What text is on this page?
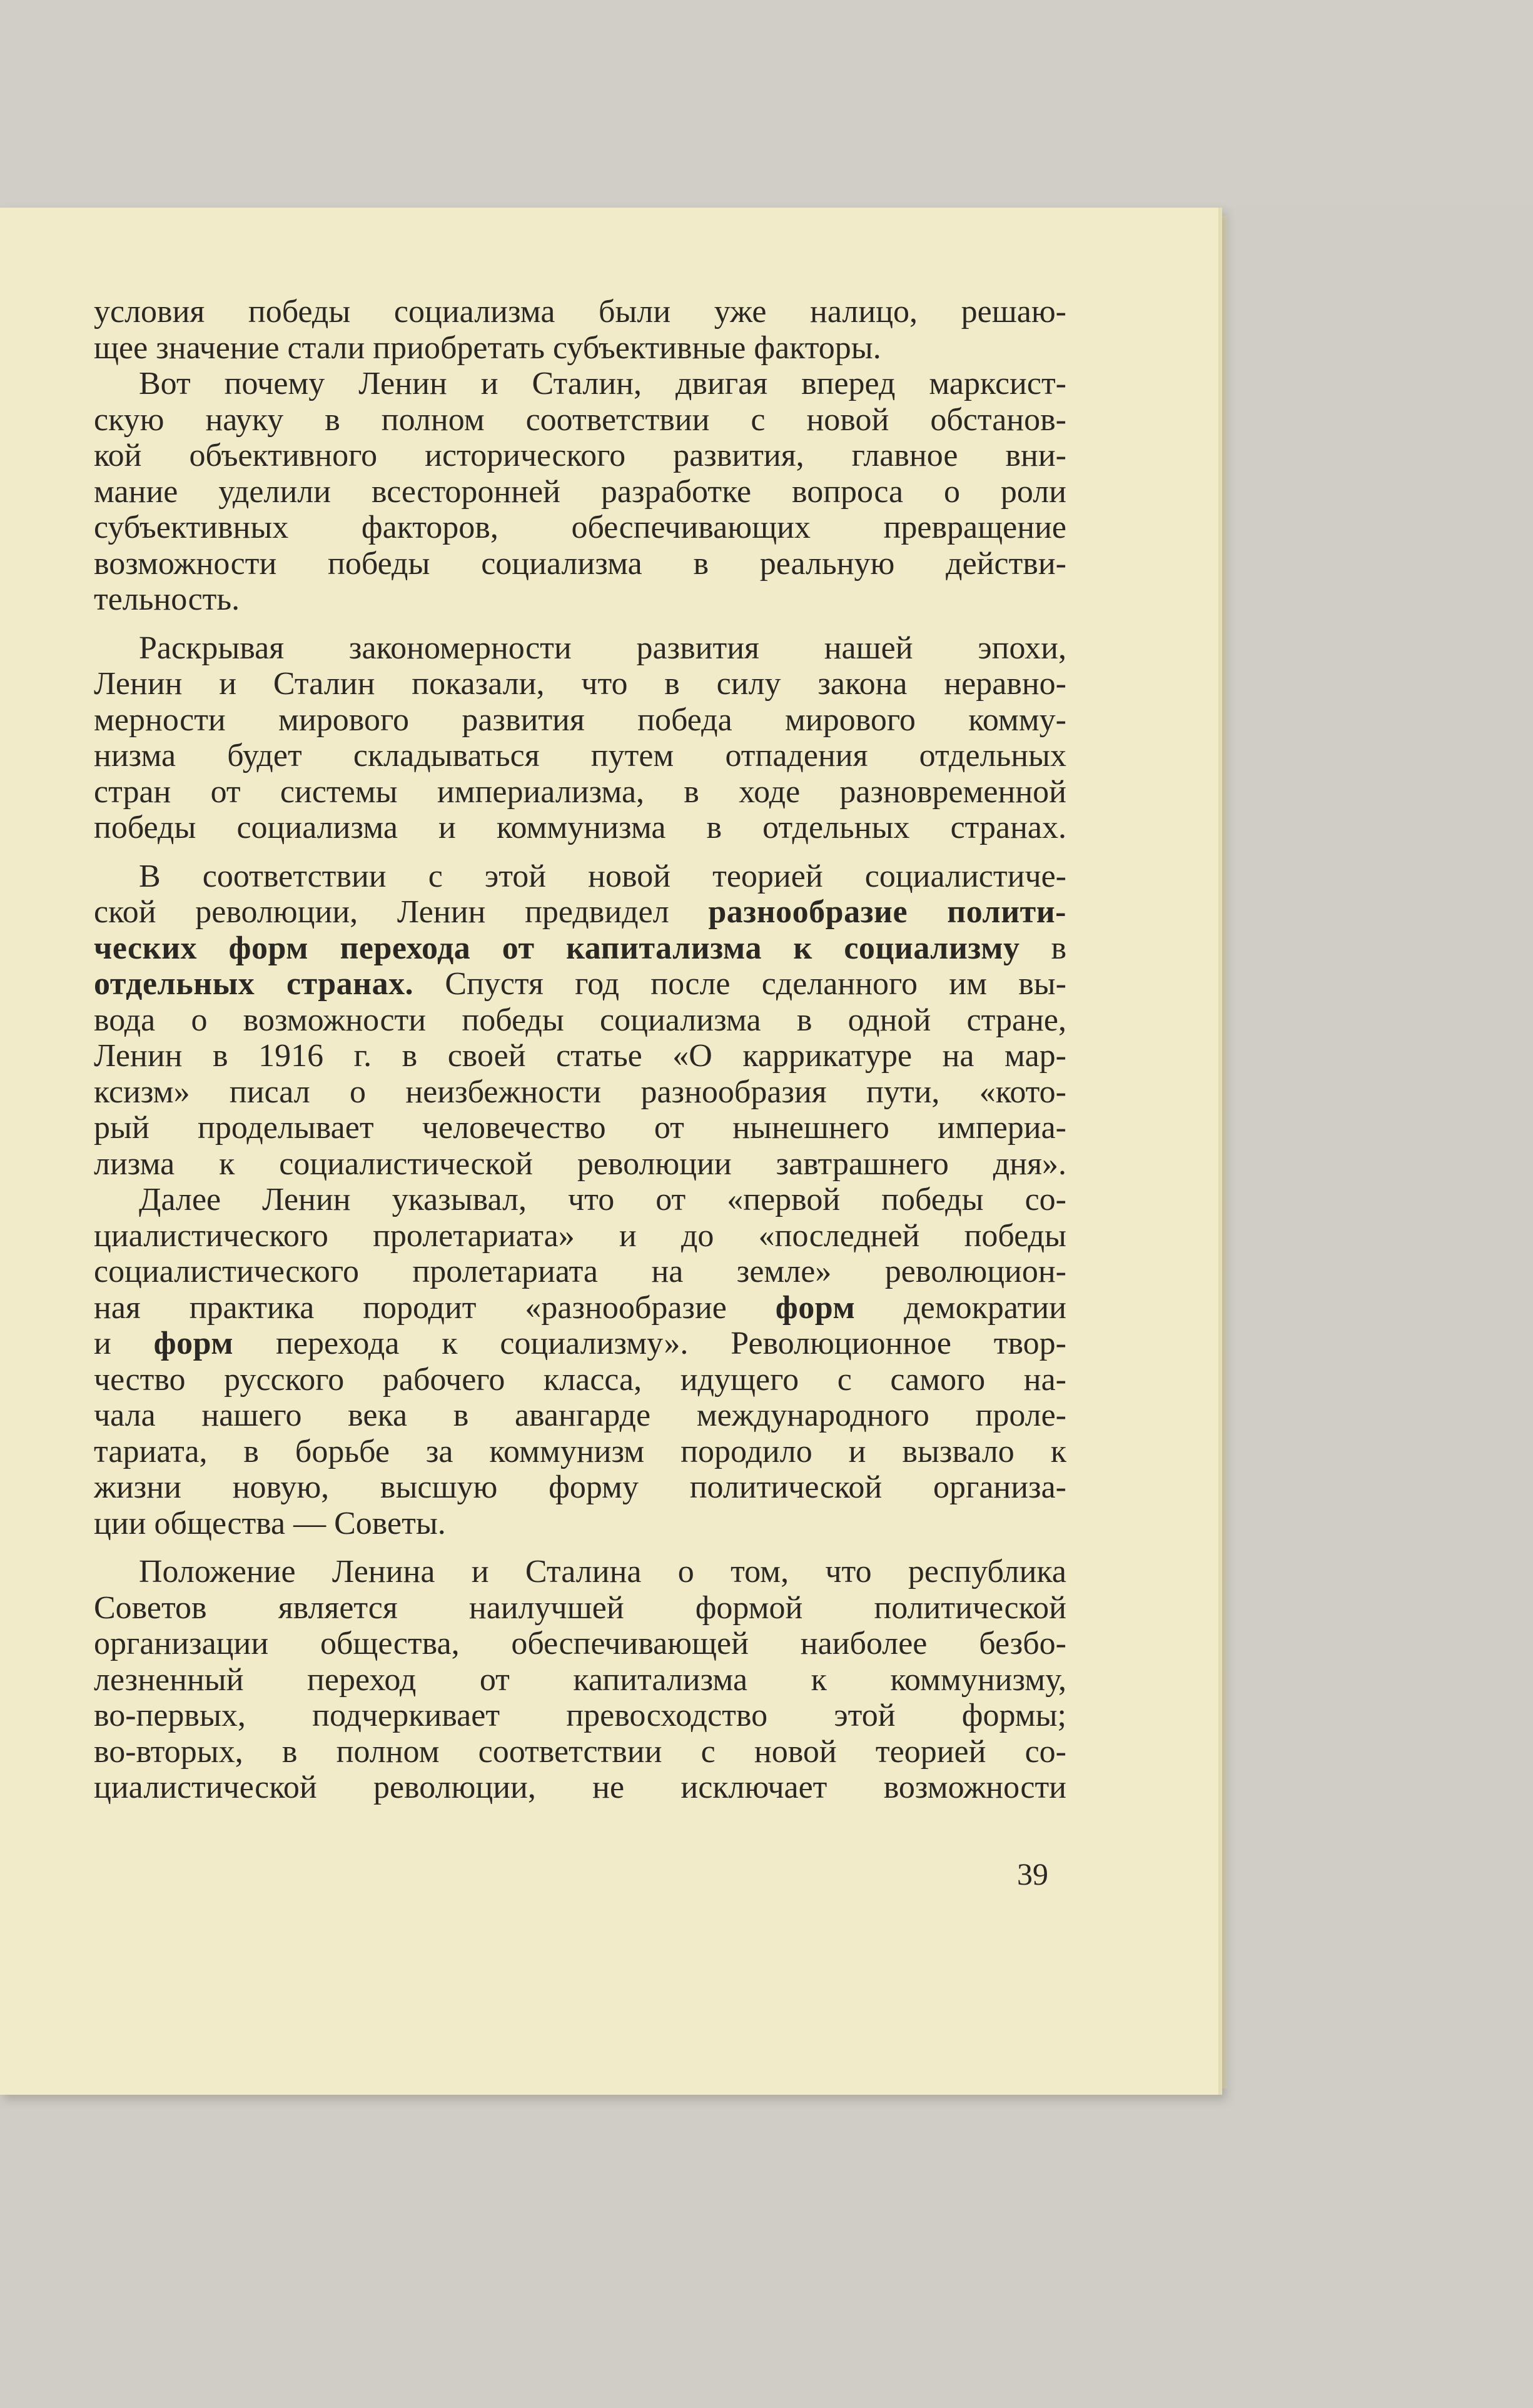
условия победы социализма были уже налицо, решаю-
щее значение стали приобретать субъективные факторы.
Вот почему Ленин и Сталин, двигая вперед марксист-
скую науку в полном соответствии с новой обстанов-
кой объективного исторического развития, главное вни-
мание уделили всесторонней разработке вопроса о роли
субъективных факторов, обеспечивающих превращение
возможности победы социализма в реальную действи-
тельность.
Раскрывая закономерности развития нашей эпохи,
Ленин и Сталин показали, что в силу закона неравно-
мерности мирового развития победа мирового комму-
низма будет складываться путем отпадения отдельных
стран от системы империализма, в ходе разновременной
победы социализма и коммунизма в отдельных странах.
В соответствии с этой новой теорией социалистиче-
ской революции, Ленин предвидел разнообразие полити-
ческих форм перехода от капитализма к социализму в
отдельных странах. Спустя год после сделанного им вы-
вода о возможности победы социализма в одной стране,
Ленин в 1916 г. в своей статье «О каррикатуре на мар-
ксизм» писал о неизбежности разнообразия пути, «кото-
рый проделывает человечество от нынешнего империа-
лизма к социалистической революции завтрашнего дня».
Далее Ленин указывал, что от «первой победы со-
циалистического пролетариата» и до «последней победы
социалистического пролетариата на земле» революцион-
ная практика породит «разнообразие форм демократии
и форм перехода к социализму». Революционное твор-
чество русского рабочего класса, идущего с самого на-
чала нашего века в авангарде международного проле-
тариата, в борьбе за коммунизм породило и вызвало к
жизни новую, высшую форму политической организа-
ции общества — Советы.
Положение Ленина и Сталина о том, что республика
Советов является наилучшей формой политической
организации общества, обеспечивающей наиболее безбо-
лезненный переход от капитализма к коммунизму,
во-первых, подчеркивает превосходство этой формы;
во-вторых, в полном соответствии с новой теорией со-
циалистической революции, не исключает возможности
39
